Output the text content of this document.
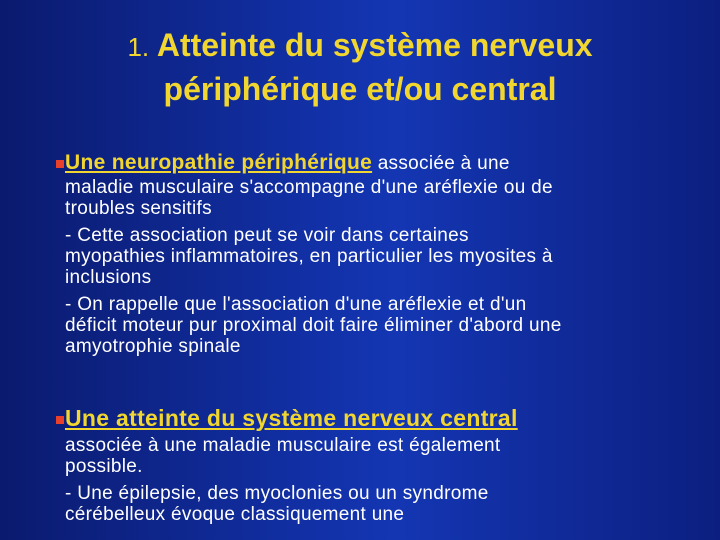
1. Atteinte du système nerveux
périphérique et/ou central
Une neuropathie périphérique associée à une
maladie musculaire s'accompagne d'une aréflexie ou de
troubles sensitifs
- Cette association peut se voir dans certaines
myopathies inflammatoires, en particulier les myosites à
inclusions
- On rappelle que l'association d'une aréflexie et d'un
déficit moteur pur proximal doit faire éliminer d'abord une
amyotrophie spinale
Une atteinte du système nerveux central
associée à une maladie musculaire est également
possible.
- Une épilepsie, des myoclonies ou un syndrome
cérébelleux évoque classiquement une
